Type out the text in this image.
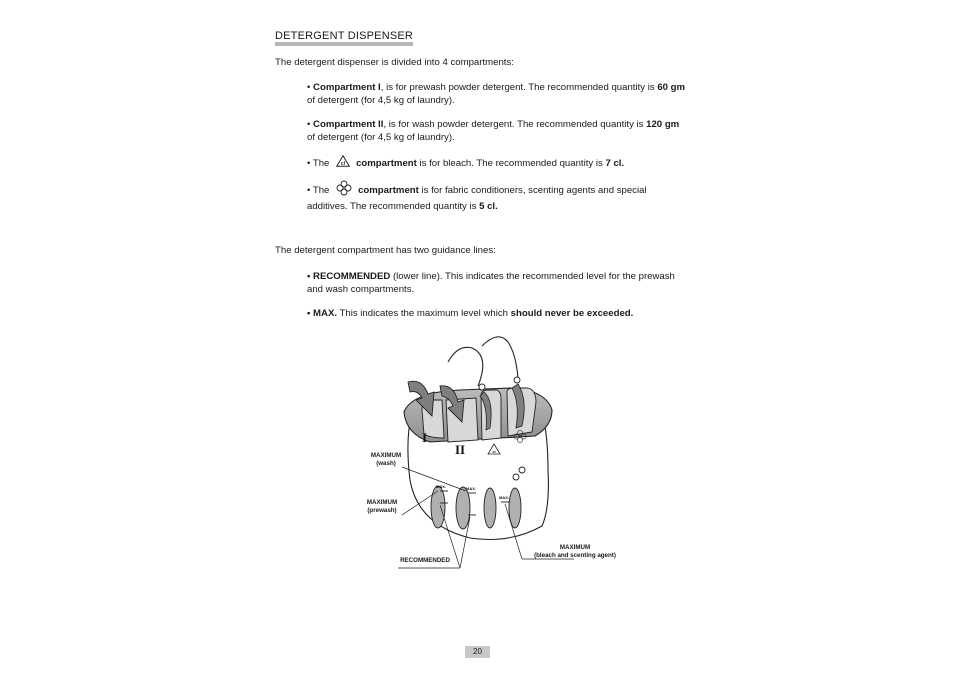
DETERGENT DISPENSER
The detergent dispenser is divided into 4 compartments:
• Compartment I, is for prewash powder detergent. The recommended quantity is 60 gm of detergent (for 4,5 kg of laundry).
• Compartment II, is for wash powder detergent. The recommended quantity is 120 gm of detergent (for 4,5 kg of laundry).
• The cl compartment is for bleach. The recommended quantity is 7 cl.
• The	compartment is for fabric conditioners, scenting agents and special additives. The recommended quantity is 5 cl.
The detergent compartment has two guidance lines:
• RECOMMENDED (lower line). This indicates the recommended level for the prewash and wash compartments.
• MAX. This indicates the maximum level which should never be exceeded.
I
II	cl
MAX.	MAX.
MAX.
MAXIMUM
(wash)
MAXIMUM
(prewash)
RECOMMENDED
MAXIMUM
(bleach and scenting agent)
20
